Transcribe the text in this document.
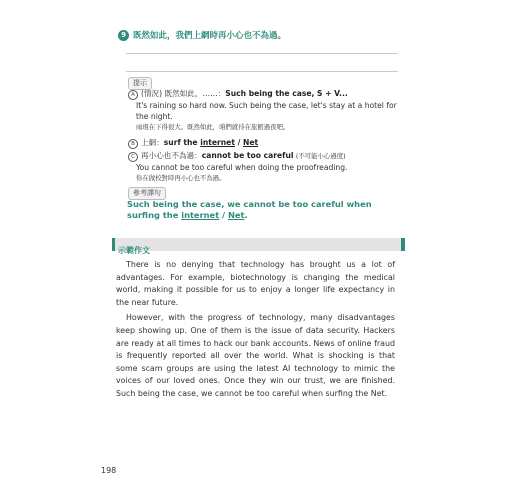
9 既然如此，我們上網時再小心也不為過。
提示
A (情況) 既然如此，……：Such being the case, S + V...
It's raining so hard now. Such being the case, let's stay at a hotel for the night.
雨現在下得很大。既然如此，咱們就待在旅館過夜吧。
B 上網：surf the internet / Net
C 再小心也不為過：cannot be too careful (不可能小心過度)
You cannot be too careful when doing the proofreading.
你在做校對時再小心也不為過。
參考譯句
Such being the case, we cannot be too careful when surfing the internet / Net.
示範作文

There is no denying that technology has brought us a lot of advantages. For example, biotechnology is changing the medical world, making it possible for us to enjoy a longer life expectancy in the near future.

However, with the progress of technology, many disadvantages keep showing up. One of them is the issue of data security. Hackers are ready at all times to hack our bank accounts. News of online fraud is frequently reported all over the world. What is shocking is that some scam groups are using the latest AI technology to mimic the voices of our loved ones. Once they win our trust, we are finished. Such being the case, we cannot be too careful when surfing the Net.

198
